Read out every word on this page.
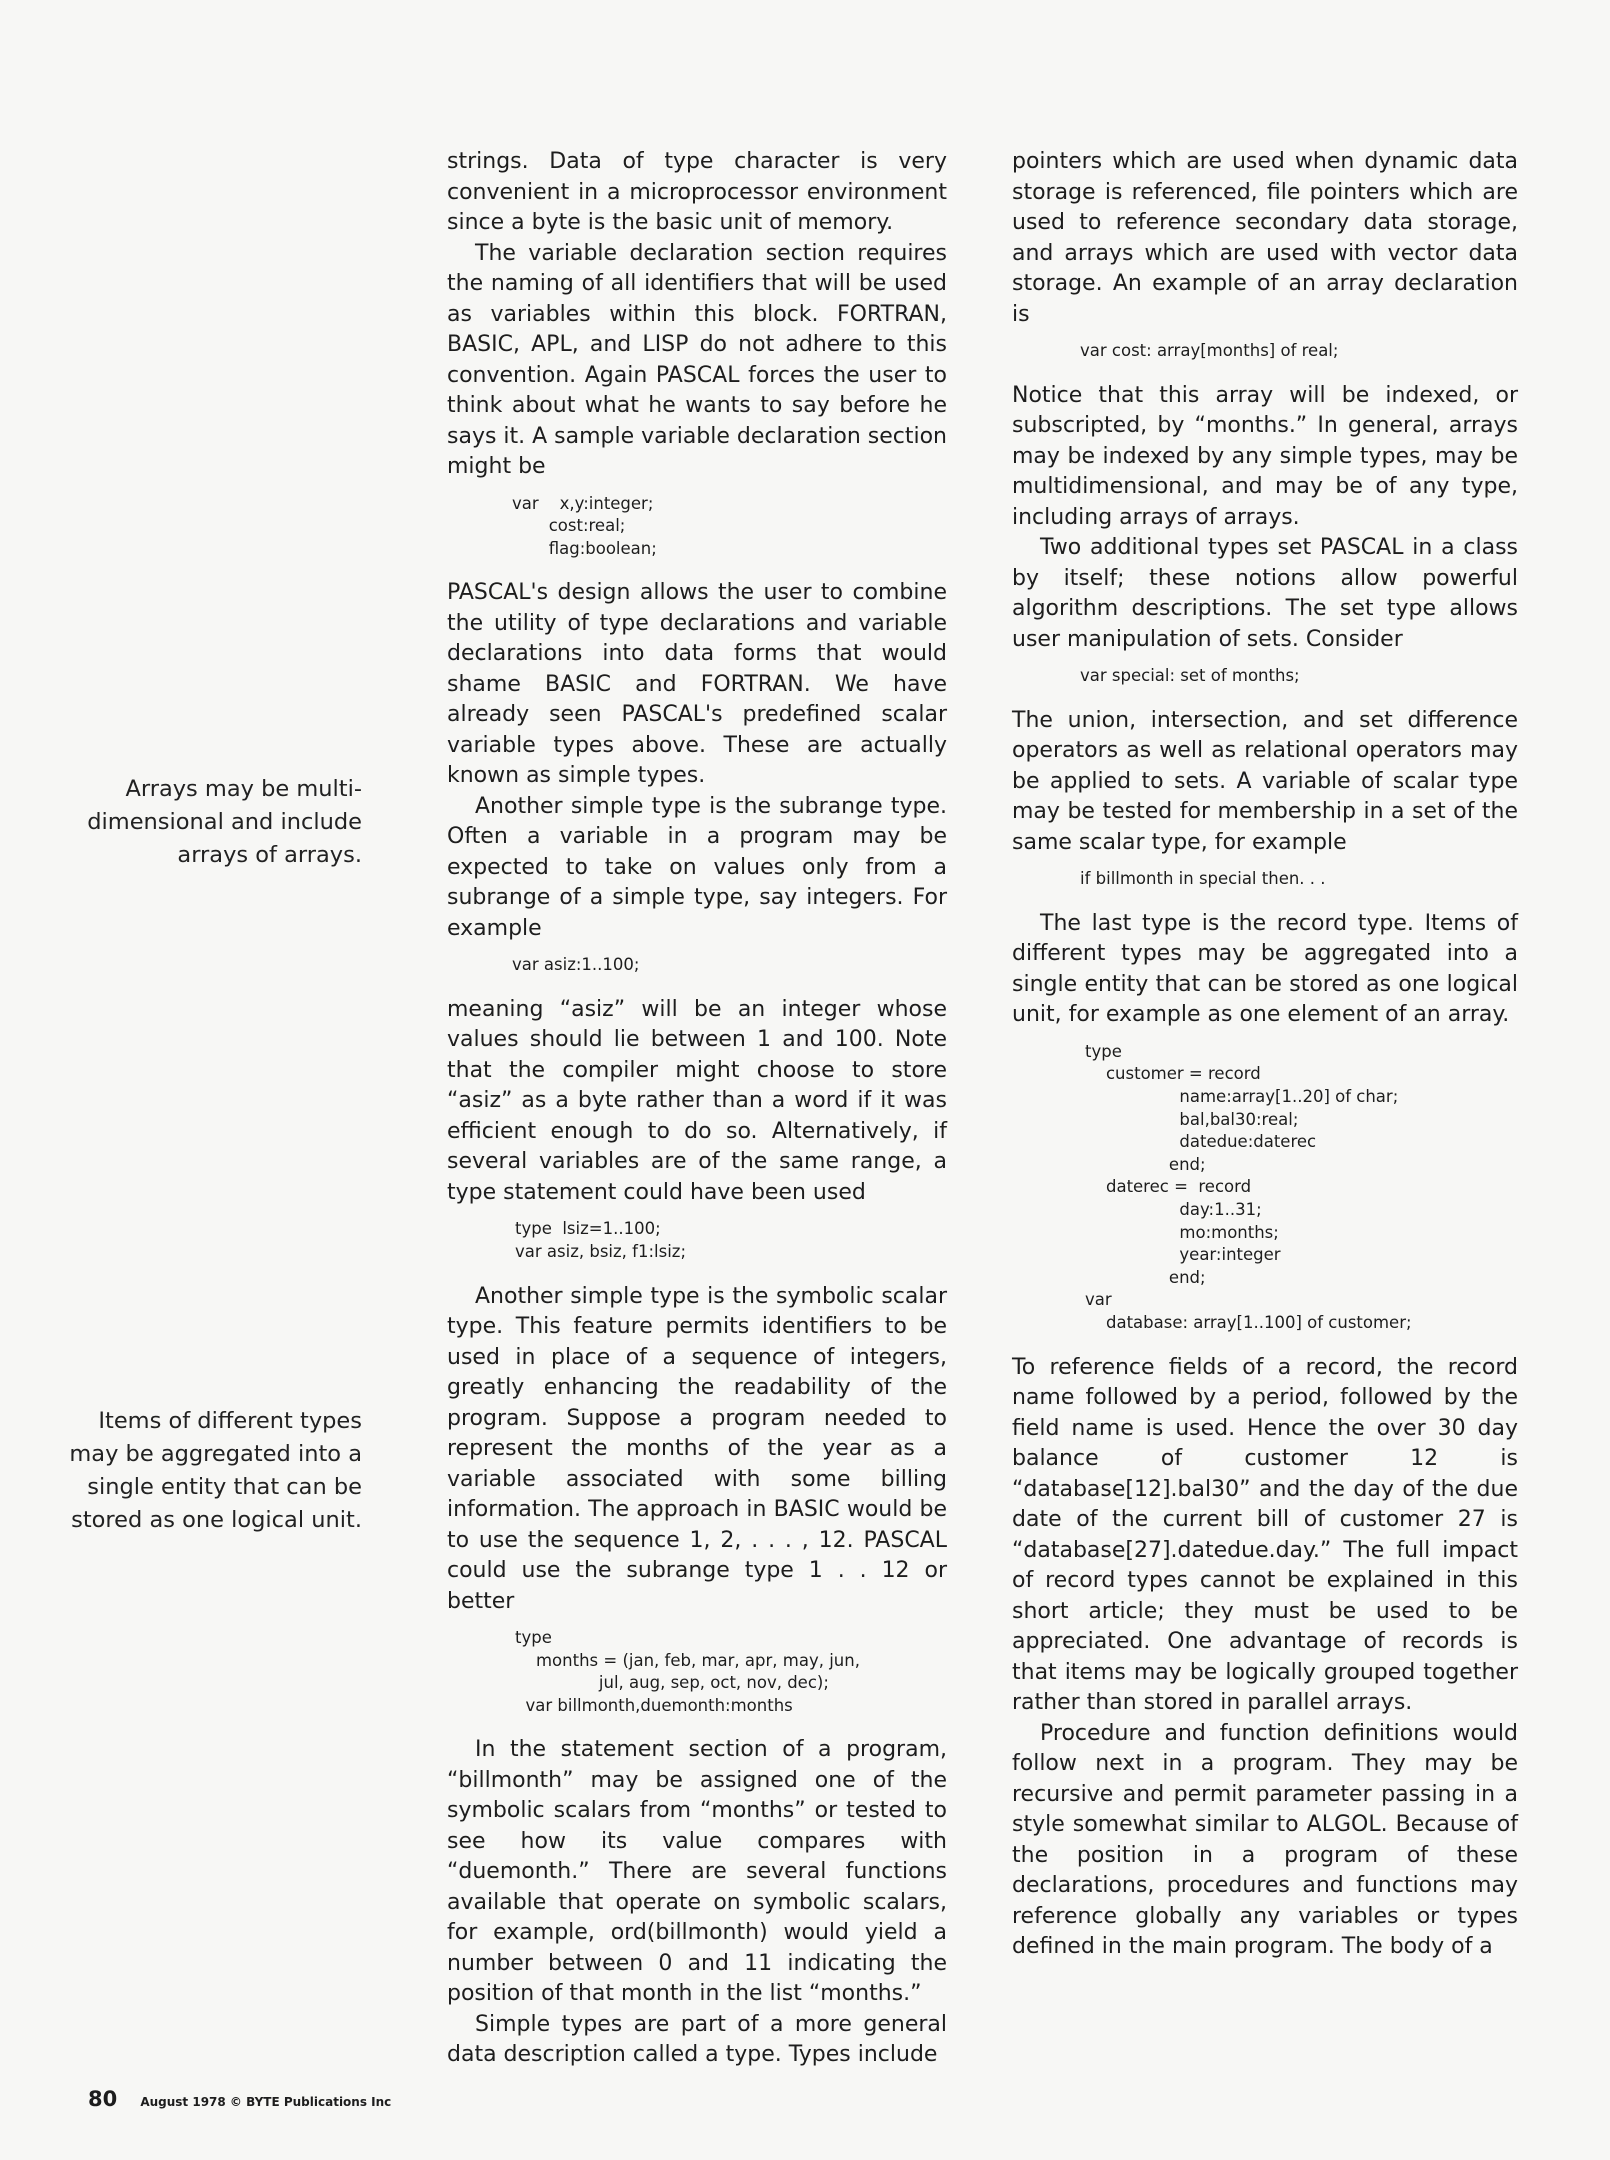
Arrays may be multi-dimensional and include arrays of arrays.
Items of different types may be aggregated into a single entity that can be stored as one logical unit.

strings. Data of type character is very convenient in a microprocessor environment since a byte is the basic unit of memory.

The variable declaration section requires the naming of all identifiers that will be used as variables within this block. FORTRAN, BASIC, APL, and LISP do not adhere to this convention. Again PASCAL forces the user to think about what he wants to say before he says it. A sample variable declaration section might be

var    x,y:integer;
cost:real;
flag:boolean;

PASCAL's design allows the user to combine the utility of type declarations and variable declarations into data forms that would shame BASIC and FORTRAN. We have already seen PASCAL's predefined scalar variable types above. These are actually known as simple types.

Another simple type is the subrange type. Often a variable in a program may be expected to take on values only from a subrange of a simple type, say integers. For example

var asiz:1..100;

meaning “asiz” will be an integer whose values should lie between 1 and 100. Note that the compiler might choose to store “asiz” as a byte rather than a word if it was efficient enough to do so. Alternatively, if several variables are of the same range, a type statement could have been used

type  lsiz=1..100;
var asiz, bsiz, f1:lsiz;

Another simple type is the symbolic scalar type. This feature permits identifiers to be used in place of a sequence of integers, greatly enhancing the readability of the program. Suppose a program needed to represent the months of the year as a variable associated with some billing information. The approach in BASIC would be to use the sequence 1, 2, . . . , 12. PASCAL could use the subrange type 1 . . 12 or better

type
months = (jan, feb, mar, apr, may, jun,
jul, aug, sep, oct, nov, dec);
var billmonth,duemonth:months

In the statement section of a program, “billmonth” may be assigned one of the symbolic scalars from “months” or tested to see how its value compares with “duemonth.” There are several functions available that operate on symbolic scalars, for example, ord(billmonth) would yield a number between 0 and 11 indicating the position of that month in the list “months.”

Simple types are part of a more general data description called a type. Types include

pointers which are used when dynamic data storage is referenced, file pointers which are used to reference secondary data storage, and arrays which are used with vector data storage. An example of an array declaration is

var cost: array[months] of real;

Notice that this array will be indexed, or subscripted, by “months.” In general, arrays may be indexed by any simple types, may be multidimensional, and may be of any type, including arrays of arrays.

Two additional types set PASCAL in a class by itself; these notions allow powerful algorithm descriptions. The set type allows user manipulation of sets. Consider

var special: set of months;

The union, intersection, and set difference operators as well as relational operators may be applied to sets. A variable of scalar type may be tested for membership in a set of the same scalar type, for example

if billmonth in special then. . .

The last type is the record type. Items of different types may be aggregated into a single entity that can be stored as one logical unit, for example as one element of an array.

type
customer = record
name:array[1..20] of char;
bal,bal30:real;
datedue:daterec
end;
daterec =  record
day:1..31;
mo:months;
year:integer
end;
var
database: array[1..100] of customer;

To reference fields of a record, the record name followed by a period, followed by the field name is used. Hence the over 30 day balance of customer 12 is “database[12].bal30” and the day of the due date of the current bill of customer 27 is “database[27].datedue.day.” The full impact of record types cannot be explained in this short article; they must be used to be appreciated. One advantage of records is that items may be logically grouped together rather than stored in parallel arrays.

Procedure and function definitions would follow next in a program. They may be recursive and permit parameter passing in a style somewhat similar to ALGOL. Because of the position in a program of these declarations, procedures and functions may reference globally any variables or types defined in the main program. The body of a

80 August 1978 © BYTE Publications Inc
